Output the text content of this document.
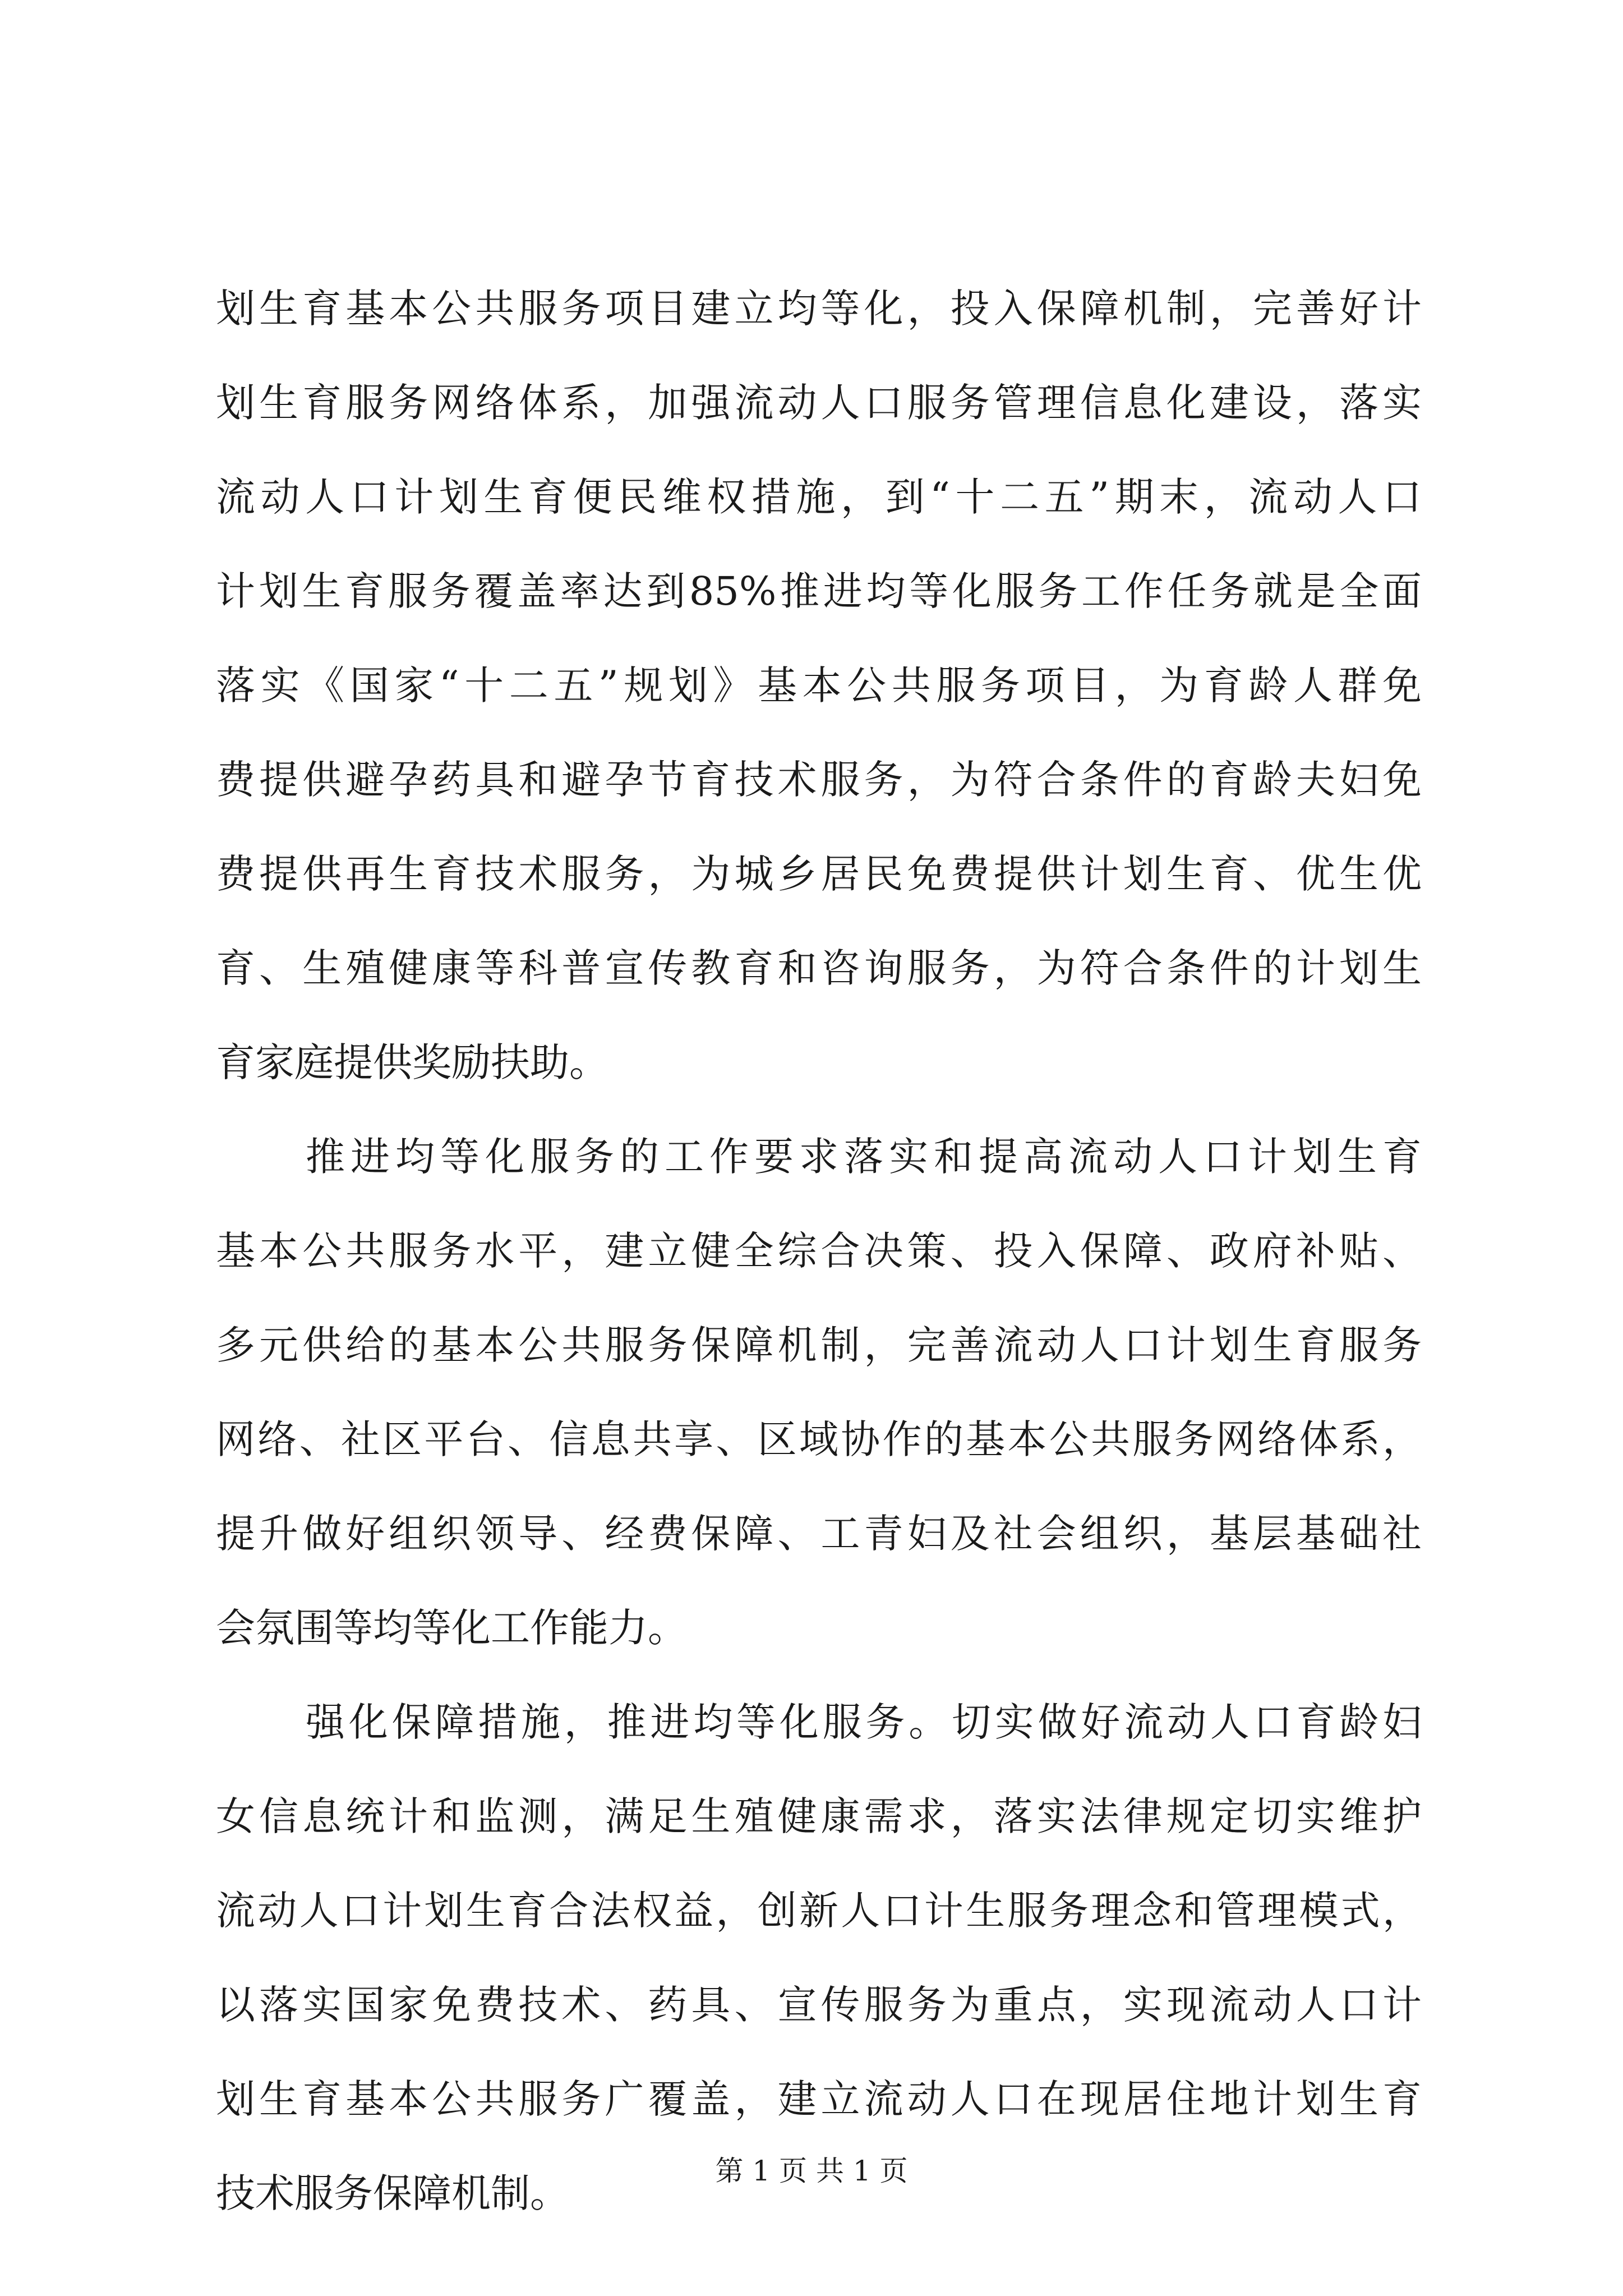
划生育基本公共服务项目建立均等化，投入保障机制，完善好计
划生育服务网络体系，加强流动人口服务管理信息化建设，落实
流动人口计划生育便民维权措施，到“十二五”期末，流动人口
计划生育服务覆盖率达到85%推进均等化服务工作任务就是全面
落实《国家“十二五”规划》基本公共服务项目，为育龄人群免
费提供避孕药具和避孕节育技术服务，为符合条件的育龄夫妇免
费提供再生育技术服务，为城乡居民免费提供计划生育、优生优
育、生殖健康等科普宣传教育和咨询服务，为符合条件的计划生
育家庭提供奖励扶助。
推进均等化服务的工作要求落实和提高流动人口计划生育
基本公共服务水平，建立健全综合决策、投入保障、政府补贴、
多元供给的基本公共服务保障机制，完善流动人口计划生育服务
网络、社区平台、信息共享、区域协作的基本公共服务网络体系，
提升做好组织领导、经费保障、工青妇及社会组织，基层基础社
会氛围等均等化工作能力。
强化保障措施，推进均等化服务。切实做好流动人口育龄妇
女信息统计和监测，满足生殖健康需求，落实法律规定切实维护
流动人口计划生育合法权益，创新人口计生服务理念和管理模式，
以落实国家免费技术、药具、宣传服务为重点，实现流动人口计
划生育基本公共服务广覆盖，建立流动人口在现居住地计划生育
技术服务保障机制。	第 1 页 共 1 页
